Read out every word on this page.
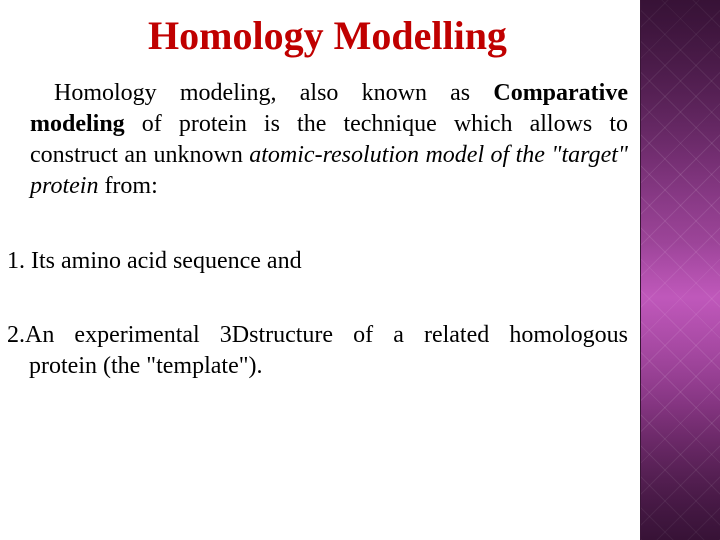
Homology Modelling
Homology modeling, also known as Comparative modeling of protein is the technique which allows to construct an unknown atomic-resolution model of the "target" protein from:
1. Its amino acid sequence and
2.An experimental 3Dstructure of a related homologous
protein (the "template").
